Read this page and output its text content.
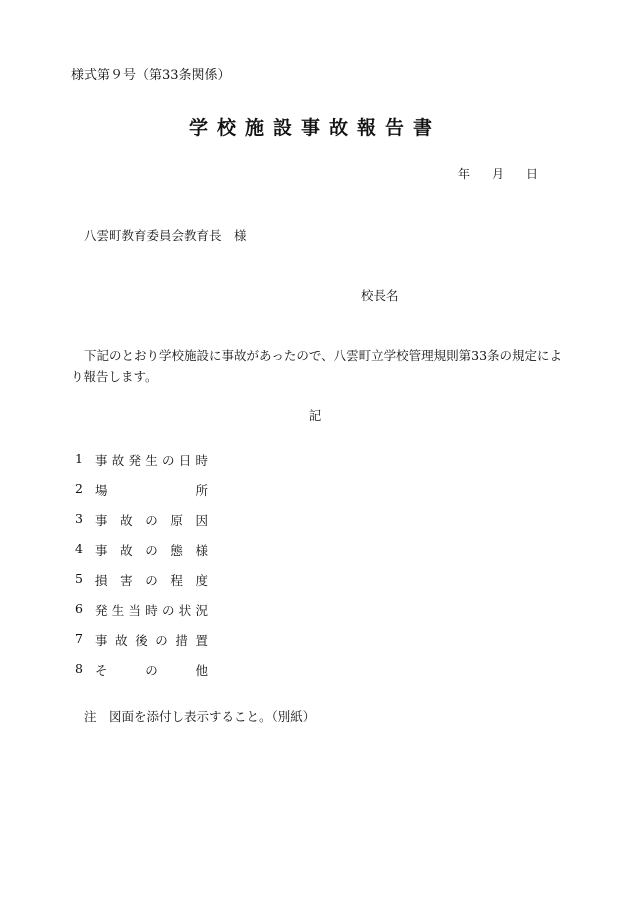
様式第９号（第33条関係）
学校施設事故報告書
年 月 日
八雲町教育委員会教育長　様
校長名
下記のとおり学校施設に事故があったので、八雲町立学校管理規則第33条の規定により報告します。
記
1 事故発生の日時
2 場所
3 事故の原因
4 事故の態様
5 損害の程度
6 発生当時の状況
7 事故後の措置
8 その他
注　図面を添付し表示すること。（別紙）
